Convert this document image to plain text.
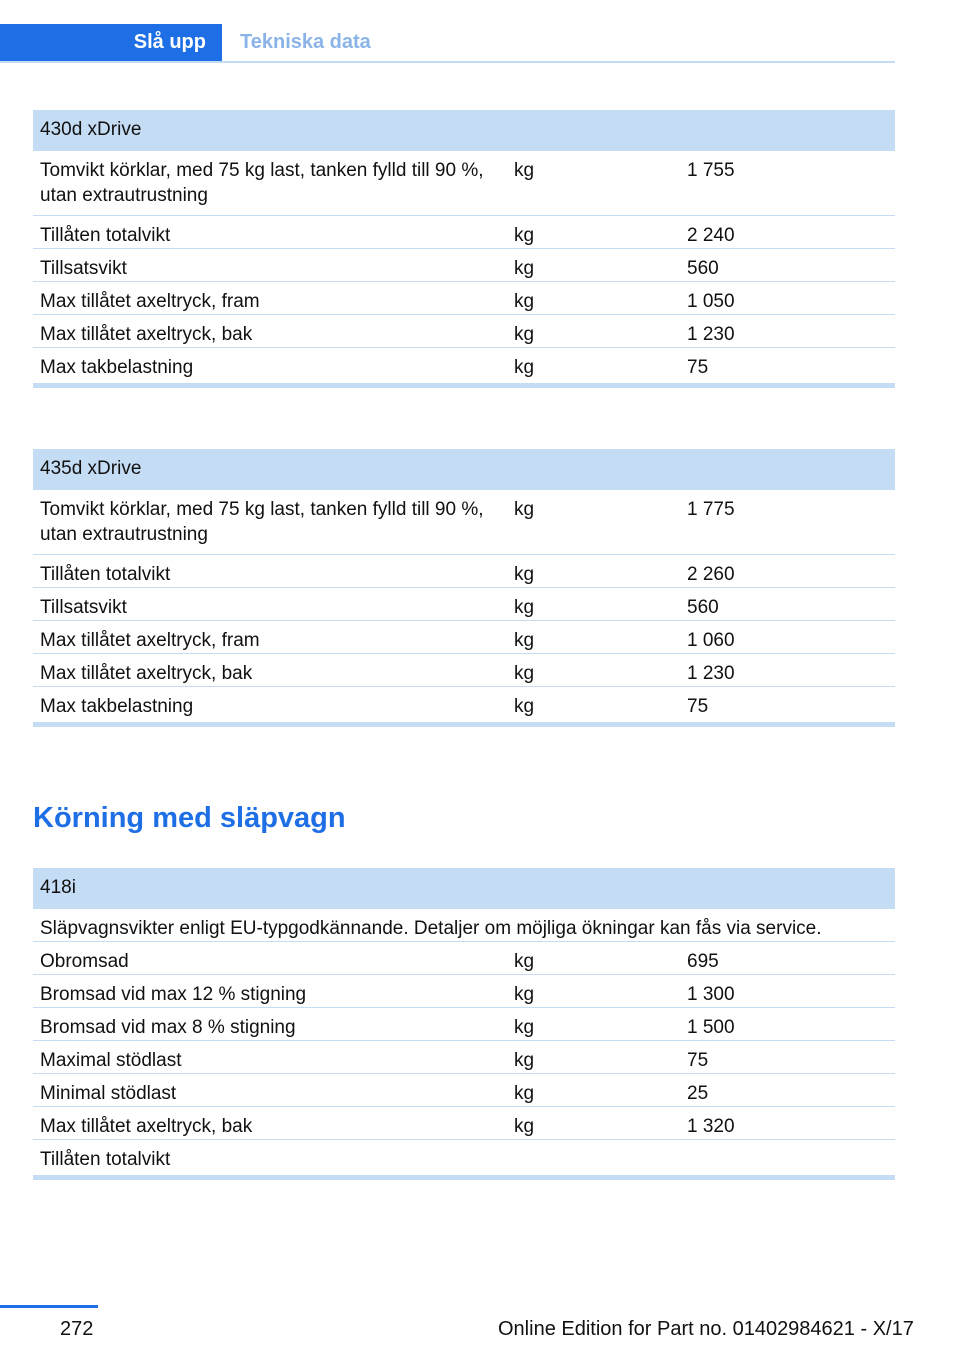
Slå upp	Tekniska data
430d xDrive		
Tomvikt körklar, med 75 kg last, tanken fylld till 90 %, utan extrautrustning	kg	1 755
Tillåten totalvikt	kg	2 240
Tillsatsvikt	kg	560
Max tillåtet axeltryck, fram	kg	1 050
Max tillåtet axeltryck, bak	kg	1 230
Max takbelastning	kg	75
435d xDrive		
Tomvikt körklar, med 75 kg last, tanken fylld till 90 %, utan extrautrustning	kg	1 775
Tillåten totalvikt	kg	2 260
Tillsatsvikt	kg	560
Max tillåtet axeltryck, fram	kg	1 060
Max tillåtet axeltryck, bak	kg	1 230
Max takbelastning	kg	75
Körning med släpvagn
418i		
Släpvagnsvikter enligt EU-typgodkännande. Detaljer om möjliga ökningar kan fås via service.		
Obromsad	kg	695
Bromsad vid max 12 % stigning	kg	1 300
Bromsad vid max 8 % stigning	kg	1 500
Maximal stödlast	kg	75
Minimal stödlast	kg	25
Max tillåtet axeltryck, bak	kg	1 320
Tillåten totalvikt		
272	Online Edition for Part no. 01402984621 - X/17
